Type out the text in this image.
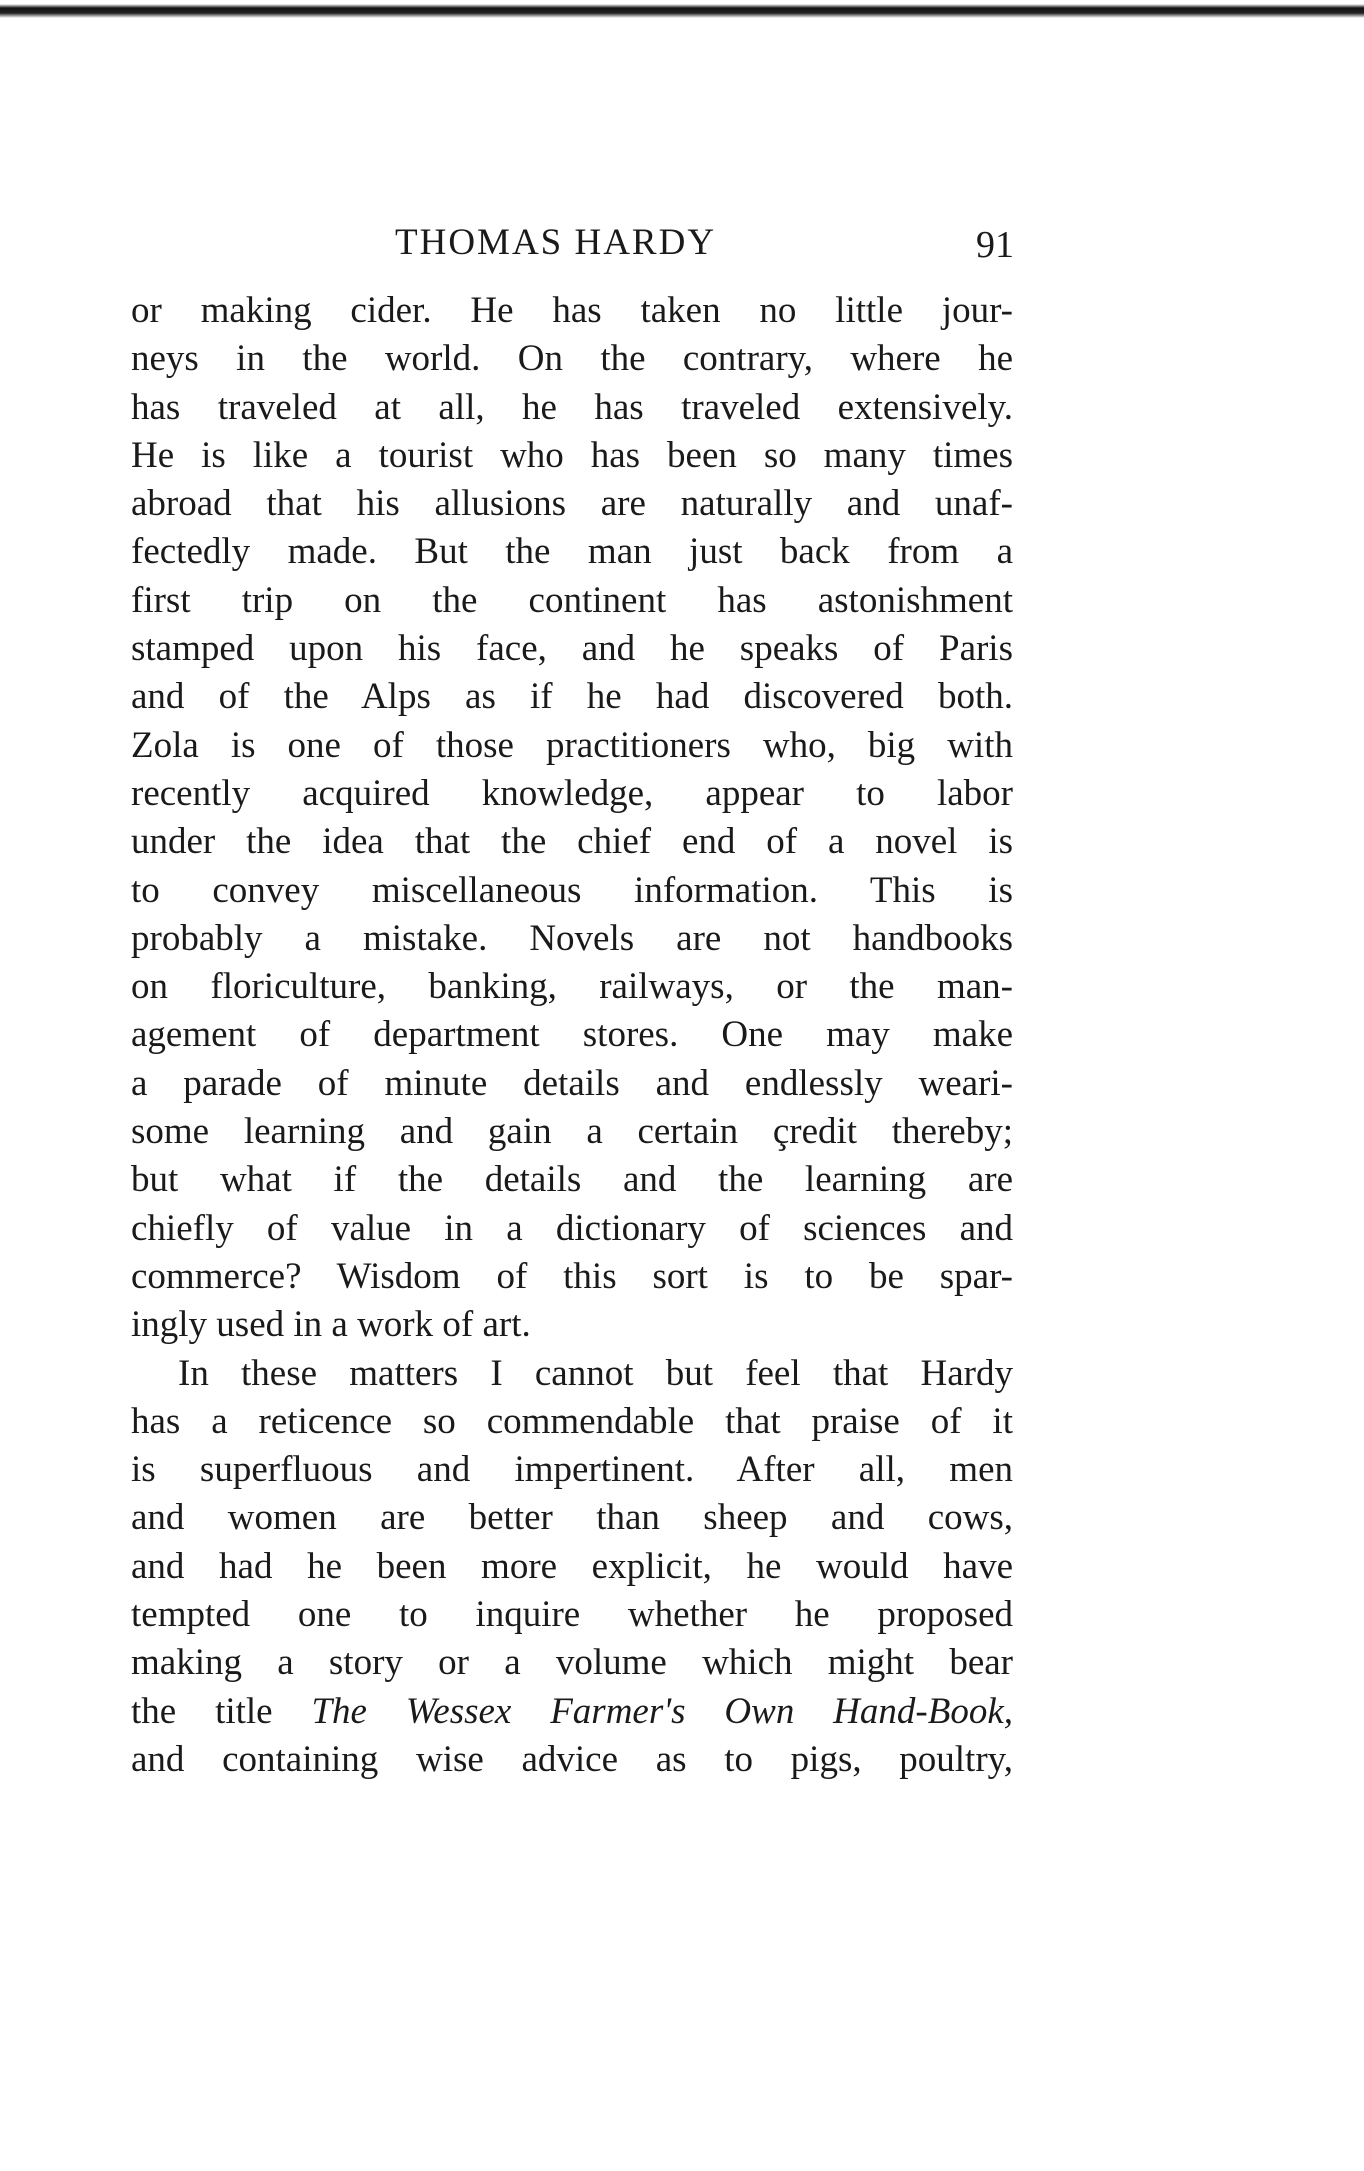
THOMAS HARDY	91
or making cider. He has taken no little jour-
neys in the world. On the contrary, where he
has traveled at all, he has traveled extensively.
He is like a tourist who has been so many times
abroad that his allusions are naturally and unaf-
fectedly made. But the man just back from a
first trip on the continent has astonishment
stamped upon his face, and he speaks of Paris
and of the Alps as if he had discovered both.
Zola is one of those practitioners who, big with
recently acquired knowledge, appear to labor
under the idea that the chief end of a novel is
to convey miscellaneous information. This is
probably a mistake. Novels are not handbooks
on floriculture, banking, railways, or the man-
agement of department stores. One may make
a parade of minute details and endlessly weari-
some learning and gain a certain çredit thereby;
but what if the details and the learning are
chiefly of value in a dictionary of sciences and
commerce? Wisdom of this sort is to be spar-
ingly used in a work of art.
In these matters I cannot but feel that Hardy
has a reticence so commendable that praise of it
is superfluous and impertinent. After all, men
and women are better than sheep and cows,
and had he been more explicit, he would have
tempted one to inquire whether he proposed
making a story or a volume which might bear
the title The Wessex Farmer's Own Hand-Book,
and containing wise advice as to pigs, poultry,
